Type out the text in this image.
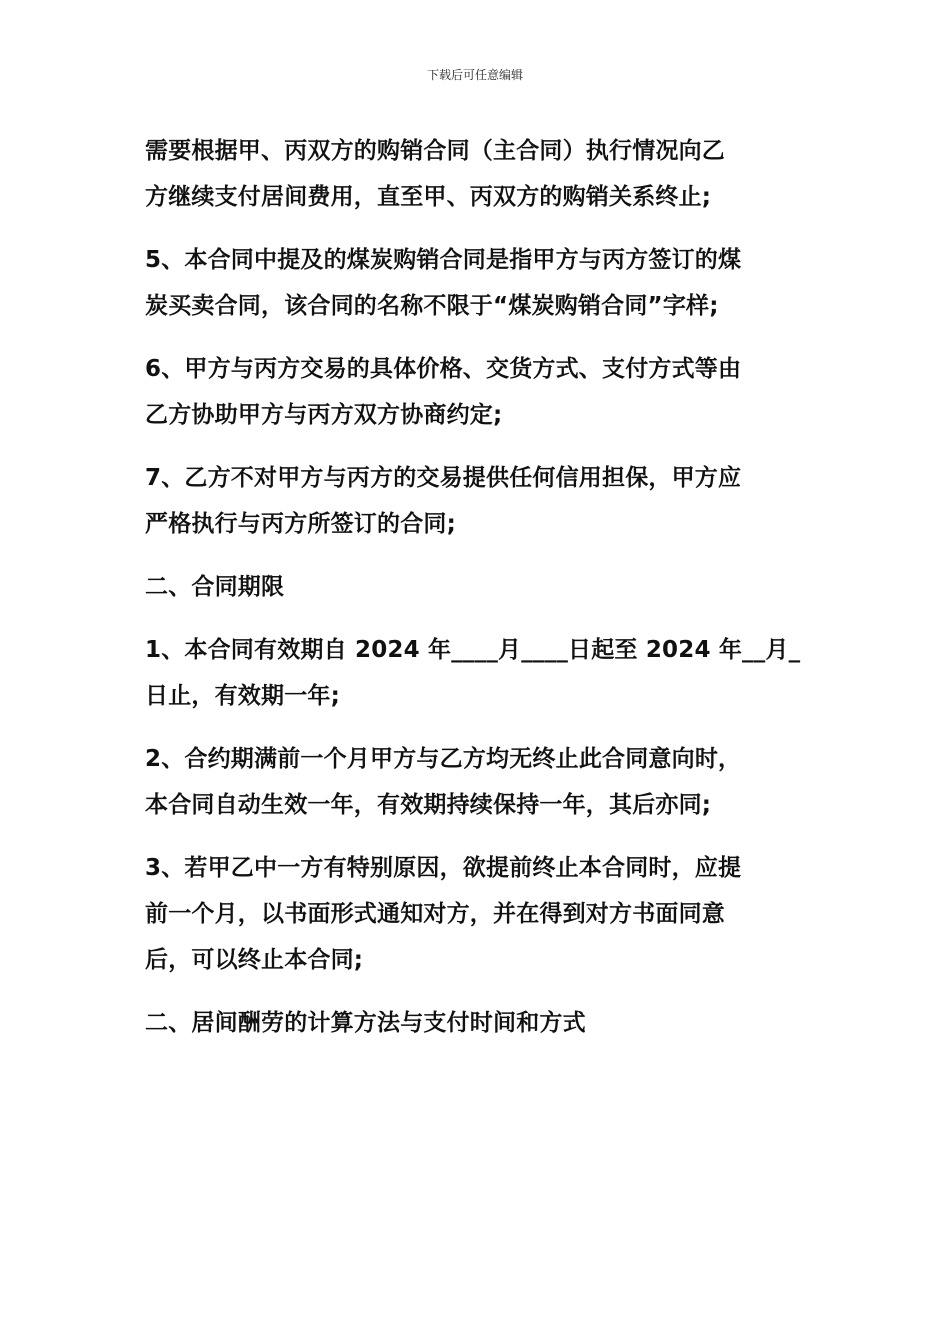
下载后可任意编辑
需要根据甲、丙双方的购销合同（主合同）执行情况向乙
方继续支付居间费用，直至甲、丙双方的购销关系终止;
5、本合同中提及的煤炭购销合同是指甲方与丙方签订的煤
炭买卖合同，该合同的名称不限于“煤炭购销合同”字样;
6、甲方与丙方交易的具体价格、交货方式、支付方式等由
乙方协助甲方与丙方双方协商约定;
7、乙方不对甲方与丙方的交易提供任何信用担保，甲方应
严格执行与丙方所签订的合同;
二、合同期限
1、本合同有效期自 2024 年____月____日起至 2024 年__月_
日止，有效期一年;
2、合约期满前一个月甲方与乙方均无终止此合同意向时，
本合同自动生效一年，有效期持续保持一年，其后亦同;
3、若甲乙中一方有特别原因，欲提前终止本合同时，应提
前一个月，以书面形式通知对方，并在得到对方书面同意
后，可以终止本合同;
二、居间酬劳的计算方法与支付时间和方式
